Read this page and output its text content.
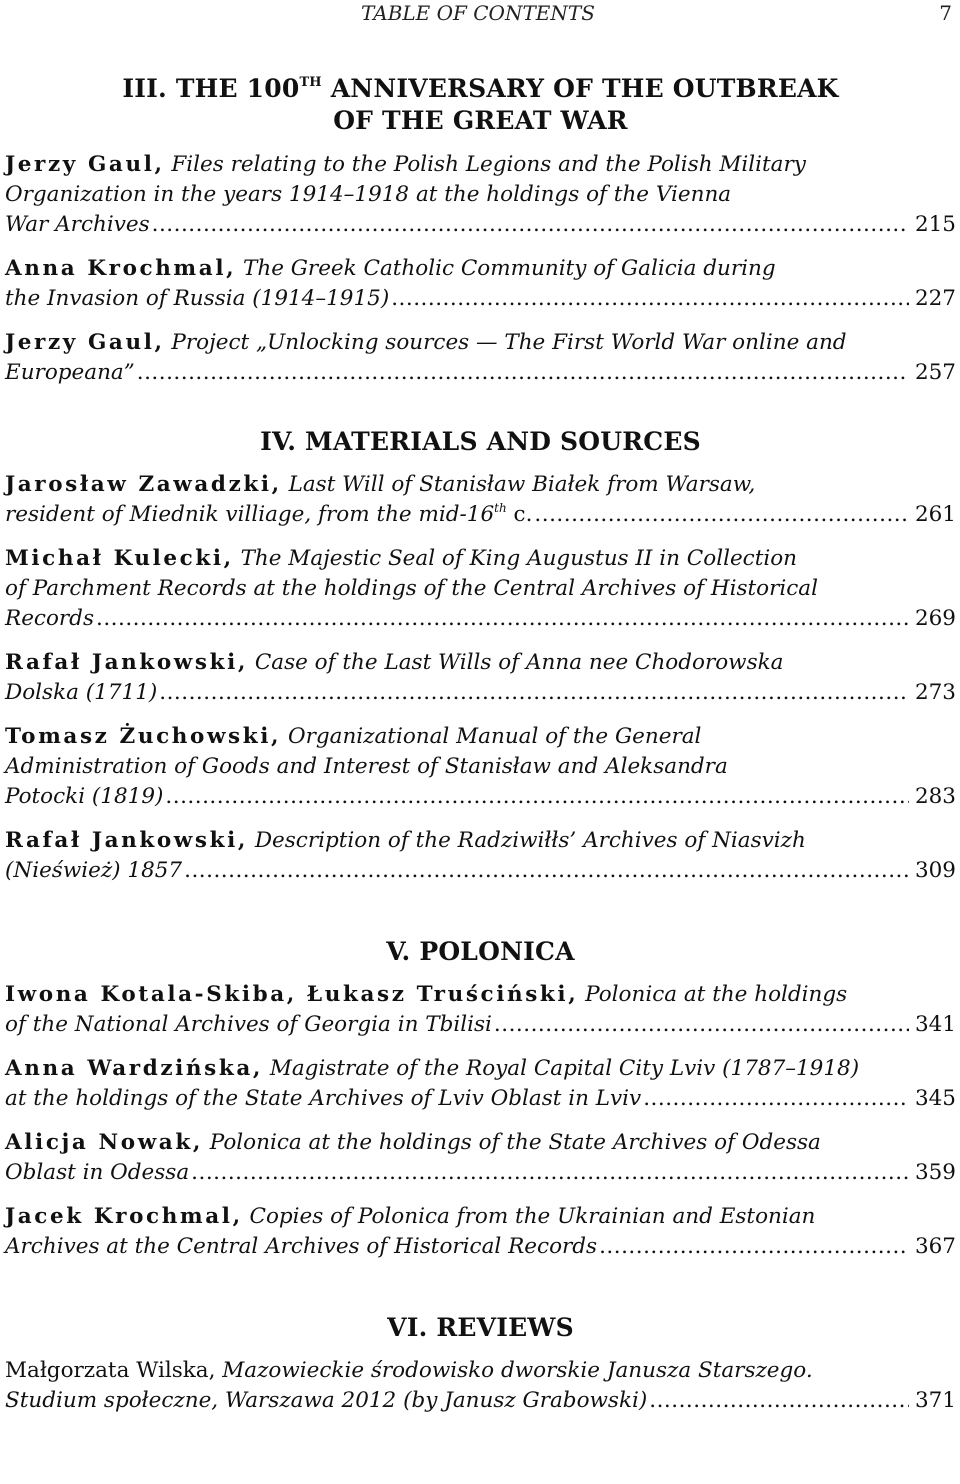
TABLE OF CONTENTS	7
III. THE 100TH ANNIVERSARY OF THE OUTBREAK
OF THE GREAT WAR
Jerzy Gaul, Files relating to the Polish Legions and the Polish Military
Organization in the years 1914–1918 at the holdings of the Vienna
War Archives .....	215
Anna Krochmal, The Greek Catholic Community of Galicia during
the Invasion of Russia (1914–1915) .....	227
Jerzy Gaul, Project „Unlocking sources — The First World War online and
Europeana” .....	257
IV. MATERIALS AND SOURCES
Jarosław Zawadzki, Last Will of Stanisław Białek from Warsaw,
resident of Miednik villiage, from the mid-16th c. .....	261
Michał Kulecki, The Majestic Seal of King Augustus II in Collection
of Parchment Records at the holdings of the Central Archives of Historical
Records .....	269
Rafał Jankowski, Case of the Last Wills of Anna nee Chodorowska
Dolska (1711) .....	273
Tomasz Żuchowski, Organizational Manual of the General
Administration of Goods and Interest of Stanisław and Aleksandra
Potocki (1819) .....	283
Rafał Jankowski, Description of the Radziwiłłs’ Archives of Niasvizh
(Nieśwież) 1857 .....	309
V. POLONICA
Iwona Kotala-Skiba, Łukasz Truściński, Polonica at the holdings
of the National Archives of Georgia in Tbilisi .....	341
Anna Wardzińska, Magistrate of the Royal Capital City Lviv (1787–1918)
at the holdings of the State Archives of Lviv Oblast in Lviv .....	345
Alicja Nowak, Polonica at the holdings of the State Archives of Odessa
Oblast in Odessa .....	359
Jacek Krochmal, Copies of Polonica from the Ukrainian and Estonian
Archives at the Central Archives of Historical Records .....	367
VI. REVIEWS
Małgorzata Wilska, Mazowieckie środowisko dworskie Janusza Starszego.
Studium społeczne, Warszawa 2012 (by Janusz Grabowski) .....	371
